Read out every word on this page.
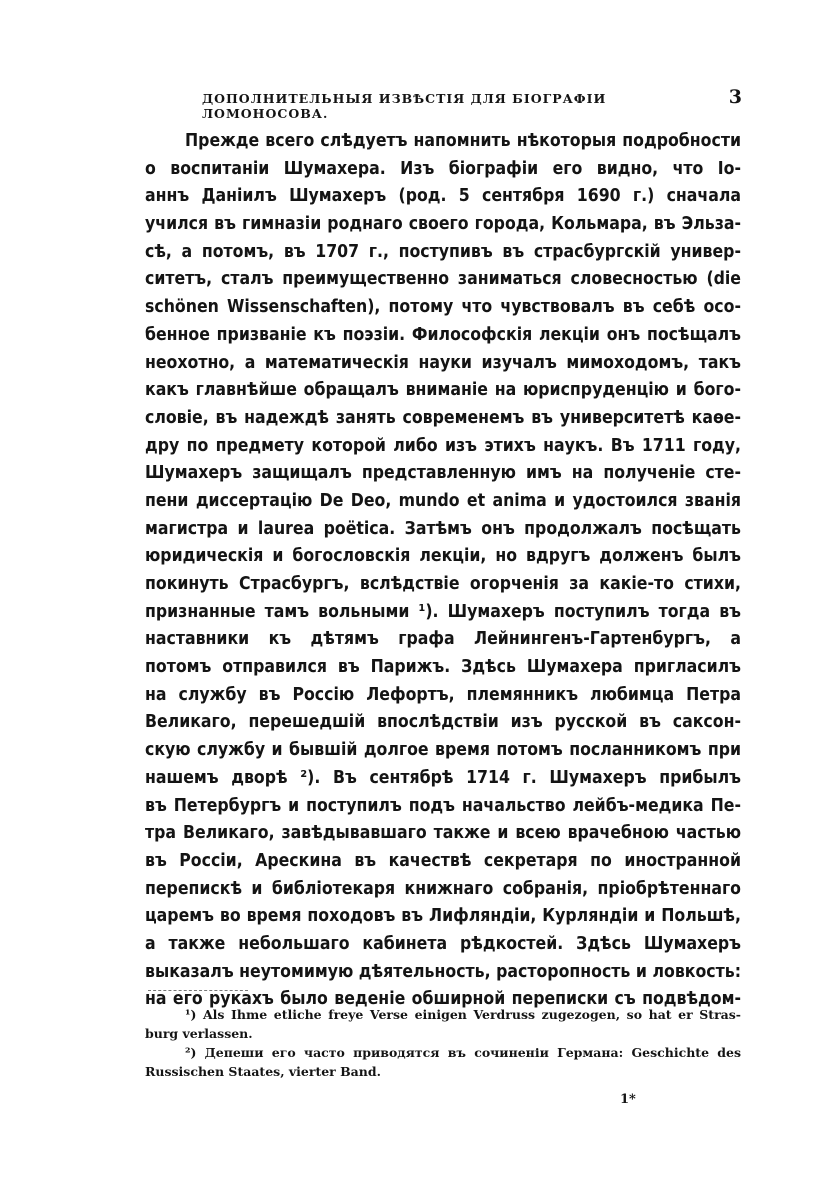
ДОПОЛНИТЕЛЬНЫЯ ИЗВѢСТІЯ ДЛЯ БІОГРАФІИ ЛОМОНОСОВА.
3
Прежде всего слѣдуетъ напомнить нѣкоторыя подробности
о воспитаніи Шумахера. Изъ біографіи его видно, что Іо-
аннъ Даніилъ Шумахеръ (род. 5 сентября 1690 г.) сначала
учился въ гимназіи роднаго своего города, Кольмара, въ Эльза-
сѣ, а потомъ, въ 1707 г., поступивъ въ страсбургскій универ-
ситетъ, сталъ преимущественно заниматься словесностью (die
schönen Wissenschaften), потому что чувствовалъ въ себѣ осо-
бенное призваніе къ поэзіи. Философскія лекціи онъ посѣщалъ
неохотно, а математическія науки изучалъ мимоходомъ, такъ
какъ главнѣйше обращалъ вниманіе на юриспруденцію и бого-
словіе, въ надеждѣ занять современемъ въ университетѣ каѳе-
дру по предмету которой либо изъ этихъ наукъ. Въ 1711 году,
Шумахеръ защищалъ представленную имъ на полученіе сте-
пени диссертацію De Deo, mundo et anima и удостоился званія
магистра и laurea poëtica. Затѣмъ онъ продолжалъ посѣщать
юридическія и богословскія лекціи, но вдругъ долженъ былъ
покинуть Страсбургъ, вслѣдствіе огорченія за какіе-то стихи,
признанные тамъ вольными ¹). Шумахеръ поступилъ тогда въ
наставники къ дѣтямъ графа Лейнингенъ-Гартенбургъ, а
потомъ отправился въ Парижъ. Здѣсь Шумахера пригласилъ
на службу въ Россію Лефортъ, племянникъ любимца Петра
Великаго, перешедшій впослѣдствіи изъ русской въ саксон-
скую службу и бывшій долгое время потомъ посланникомъ при
нашемъ дворѣ ²). Въ сентябрѣ 1714 г. Шумахеръ прибылъ
въ Петербургъ и поступилъ подъ начальство лейбъ-медика Пе-
тра Великаго, завѣдывавшаго также и всею врачебною частью
въ Россіи, Арескина въ качествѣ секретаря по иностранной
перепискѣ и библіотекаря книжнаго собранія, пріобрѣтеннаго
царемъ во время походовъ въ Лифляндіи, Курляндіи и Польшѣ,
а также небольшаго кабинета рѣдкостей. Здѣсь Шумахеръ
выказалъ неутомимую дѣятельность, расторопность и ловкость:
на его рукахъ было веденіе обширной переписки съ подвѣдом-
¹) Als Ihme etliche freye Verse einigen Verdruss zugezogen, so hat er Stras-
burg verlassen.
²) Депеши его часто приводятся въ сочиненіи Германа: Geschichte des
Russischen Staates, vierter Band.
1*
